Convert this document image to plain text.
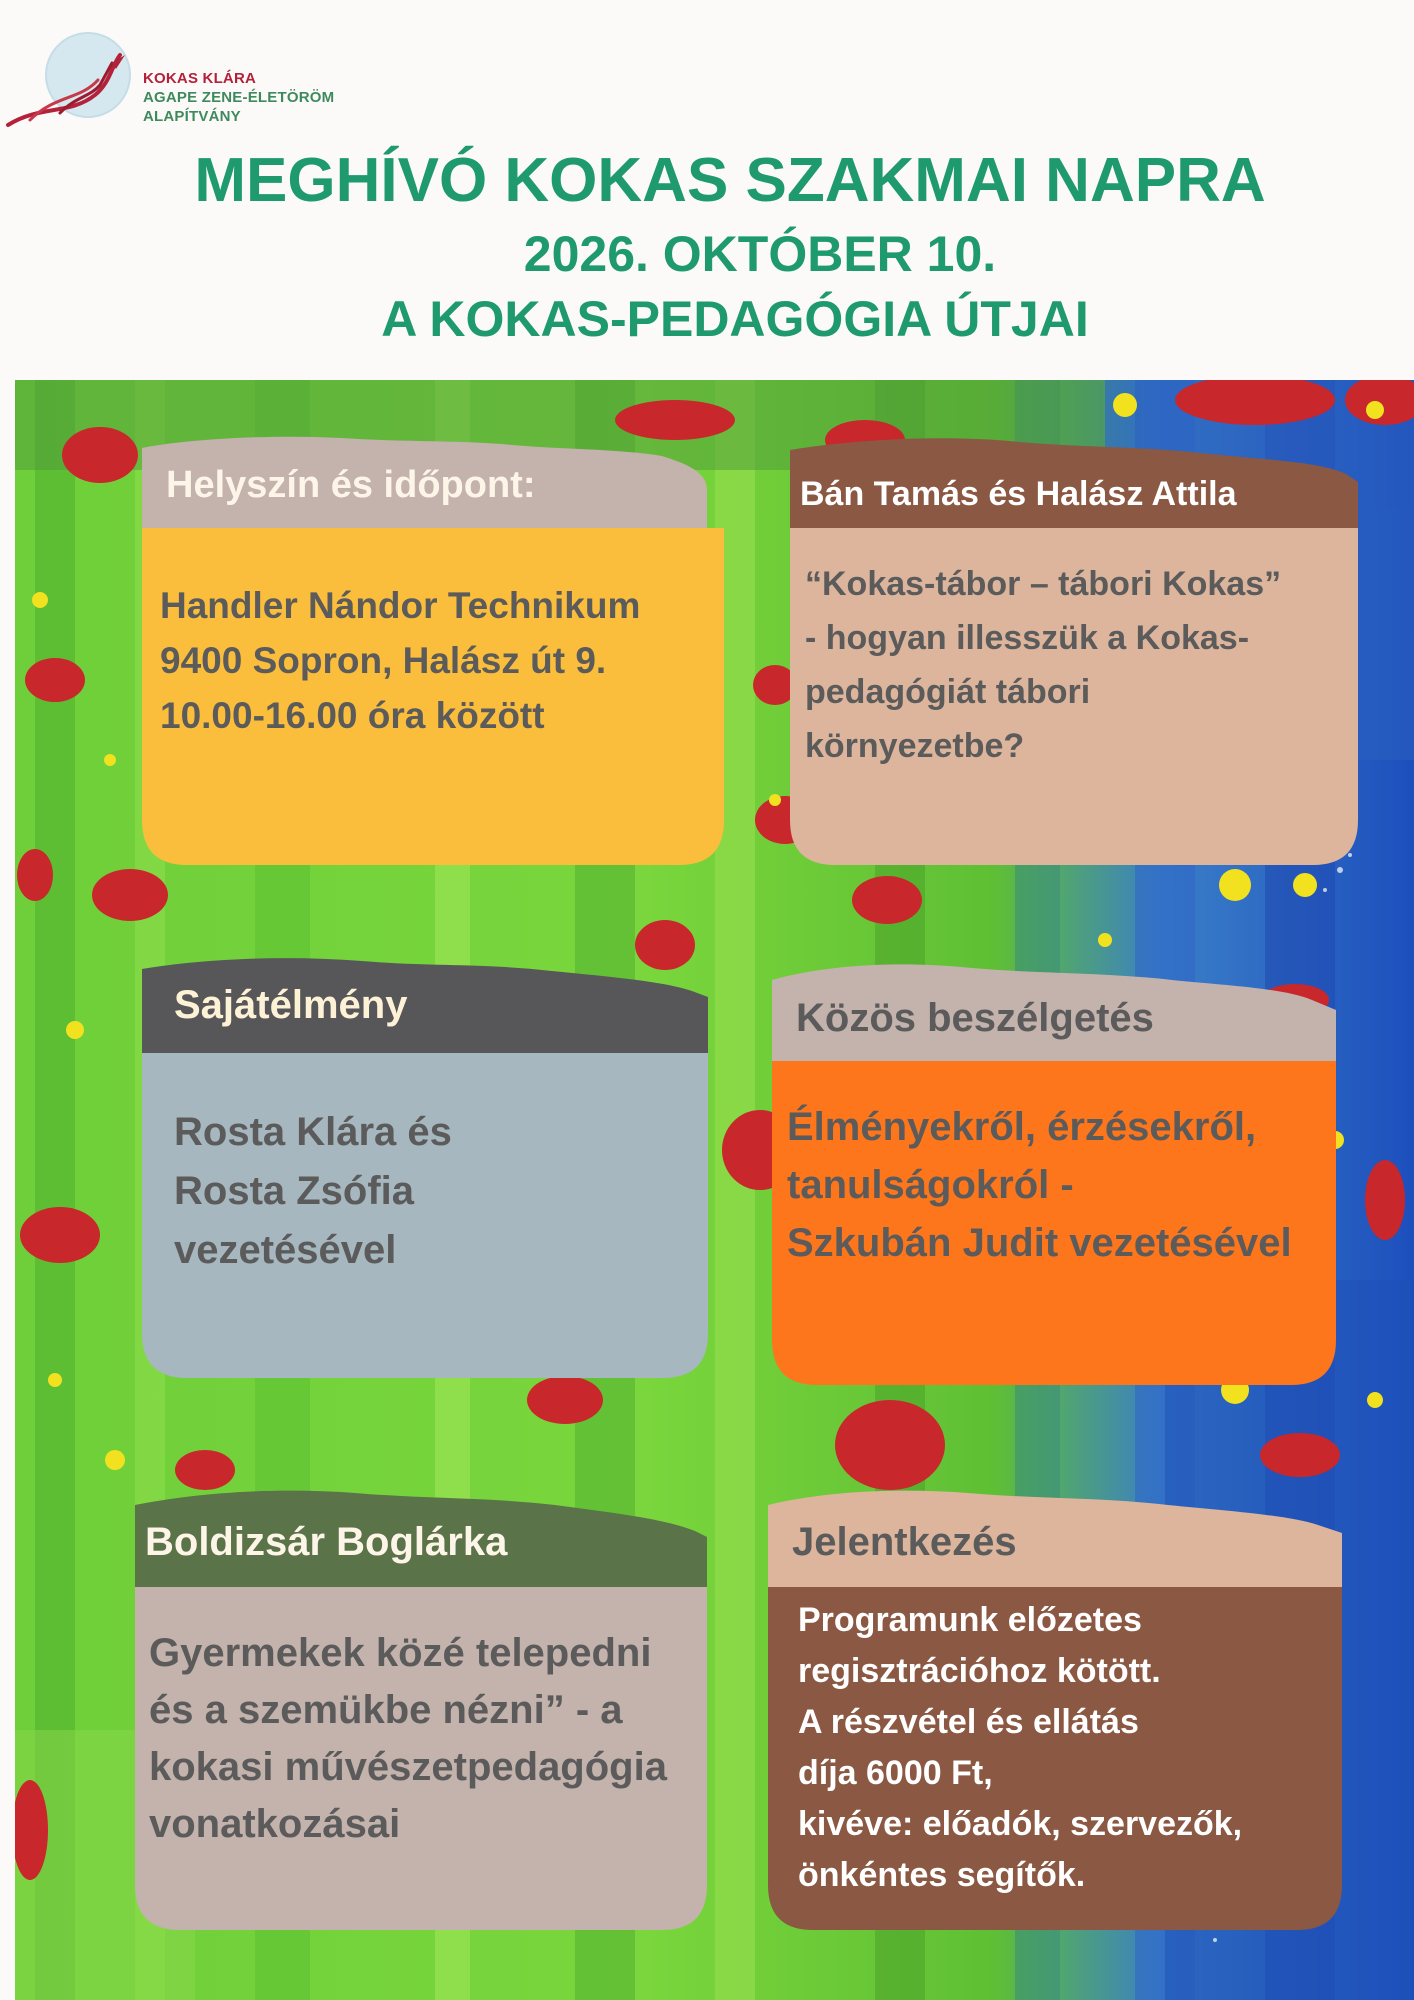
KOKAS KLÁRA
AGAPE ZENE-ÉLETÖRÖM
ALAPÍTVÁNY
MEGHÍVÓ KOKAS SZAKMAI NAPRA
2026. OKTÓBER 10.
A KOKAS-PEDAGÓGIA ÚTJAI
Helyszín és időpont:
Handler Nándor Technikum
9400 Sopron, Halász út 9.
10.00-16.00 óra között
Bán Tamás és Halász Attila
“Kokas-tábor – tábori Kokas”
- hogyan illesszük a Kokas-
pedagógiát tábori
környezetbe?
Sajátélmény
Rosta Klára és
Rosta Zsófia
vezetésével
Közös beszélgetés
Élményekről, érzésekről,
tanulságokról -
Szkubán Judit vezetésével
Boldizsár Boglárka
Gyermekek közé telepedni
és a szemükbe nézni” - a
kokasi művészetpedagógia
vonatkozásai
Jelentkezés
Programunk előzetes
regisztrációhoz kötött.
A részvétel és ellátás
díja 6000 Ft,
kivéve: előadók, szervezők,
önkéntes segítők.
